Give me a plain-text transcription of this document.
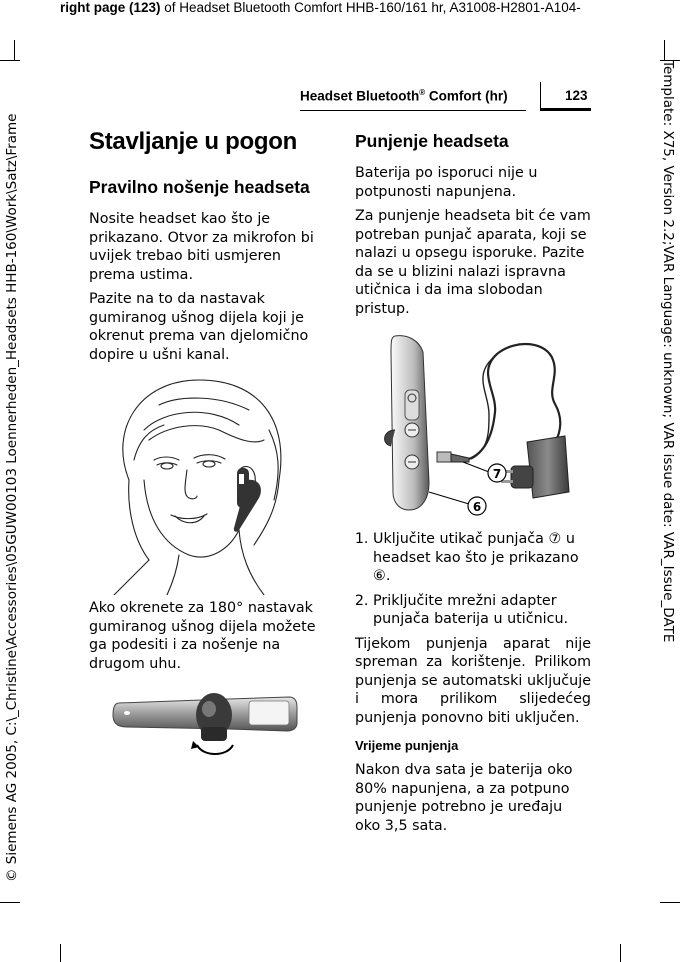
right page (123) of Headset Bluetooth Comfort HHB-160/161 hr, A31008-H2801-A104-
© Siemens AG 2005, C:\_Christine\Accessories\05GUW00103 Loennerheden_Headsets HHB-160\Work\Satz\Frame	Template: X75, Version 2.2;VAR Language: unknown; VAR issue date: VAR_Issue_DATE
Headset Bluetooth® Comfort (hr)	123
Stavljanje u pogon
Pravilno nošenje headseta

Nosite headset kao što je prikazano. Otvor za mikrofon bi uvijek trebao biti usmjeren prema ustima.

Pazite na to da nastavak gumiranog ušnog dijela koji je okrenut prema van djelomično dopire u ušni kanal.

Ako okrenete za 180° nastavak gumiranog ušnog dijela možete ga podesiti i za nošenje na drugom uhu.

Punjenje headseta

Baterija po isporuci nije u potpunosti napunjena.

Za punjenje headseta bit će vam potreban punjač aparata, koji se nalazi u opsegu isporuke. Pazite da se u blizini nalazi ispravna utičnica i da ima slobodan pristup.

7
6
1. Uključite utikač punjača ⑦ u headset kao što je prikazano ⑥.
2. Priključite mrežni adapter punjača baterija u utičnicu.

Tijekom punjenja aparat nije spreman za korištenje. Prilikom punjenja se automatski uključuje i mora prilikom slijedećeg punjenja ponovno biti uključen.

Vrijeme punjenja

Nakon dva sata je baterija oko 80% napunjena, a za potpuno punjenje potrebno je uređaju oko 3,5 sata.
